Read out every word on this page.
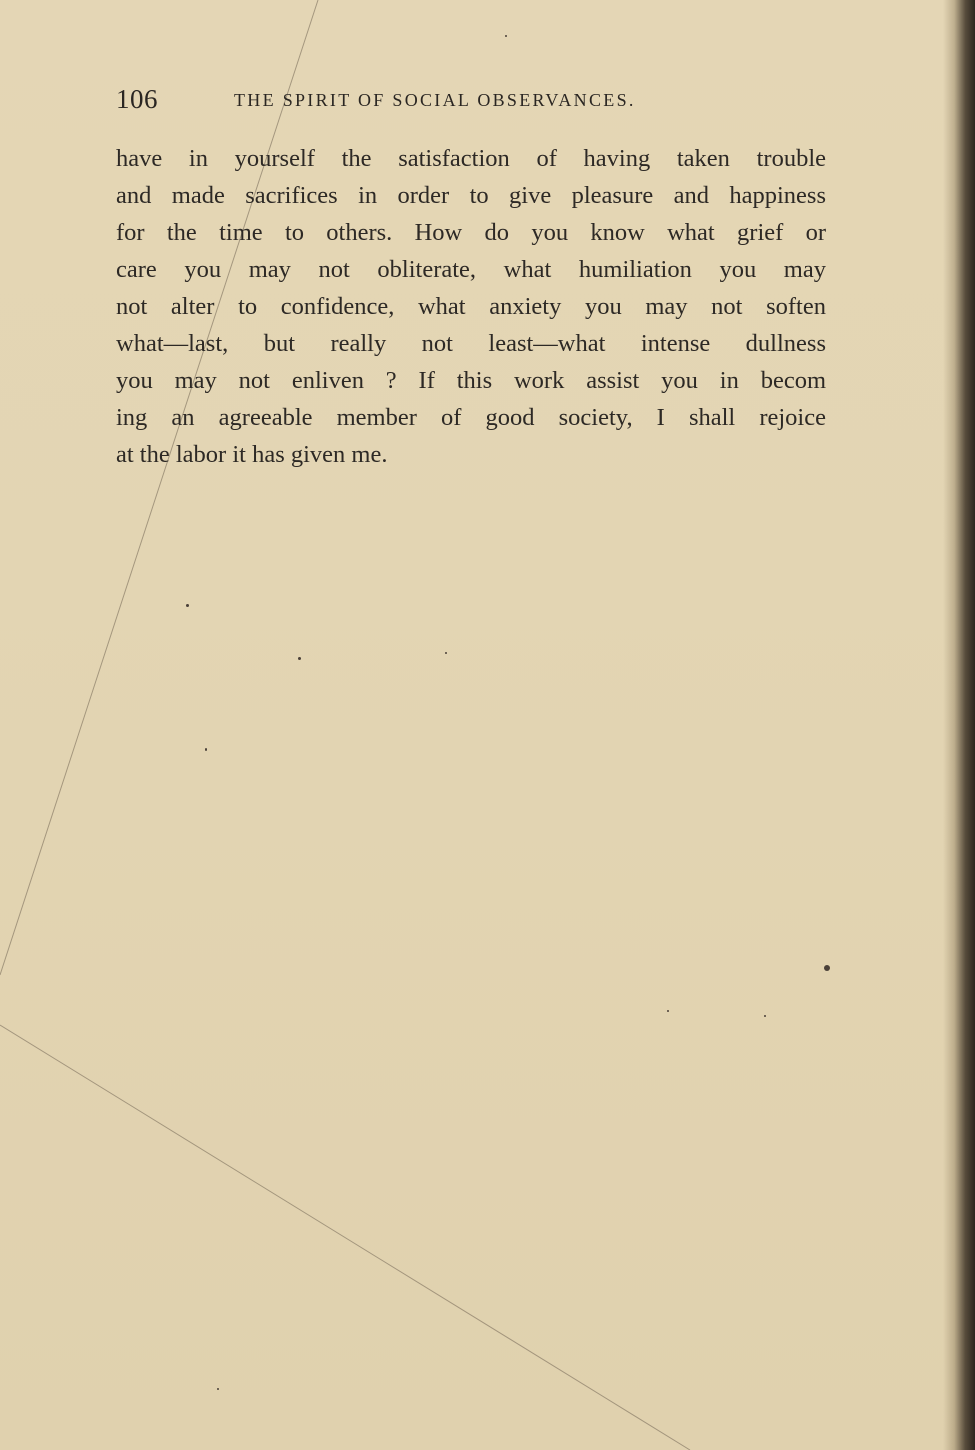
106	THE SPIRIT OF SOCIAL OBSERVANCES.
have in yourself the satisfaction of having taken trouble
and made sacrifices in order to give pleasure and happiness
for the time to others. How do you know what grief or
care you may not obliterate, what humiliation you may
not alter to confidence, what anxiety you may not soften
what—last, but really not least—what intense dullness
you may not enliven ? If this work assist you in becom
ing an agreeable member of good society, I shall rejoice
at the labor it has given me.
